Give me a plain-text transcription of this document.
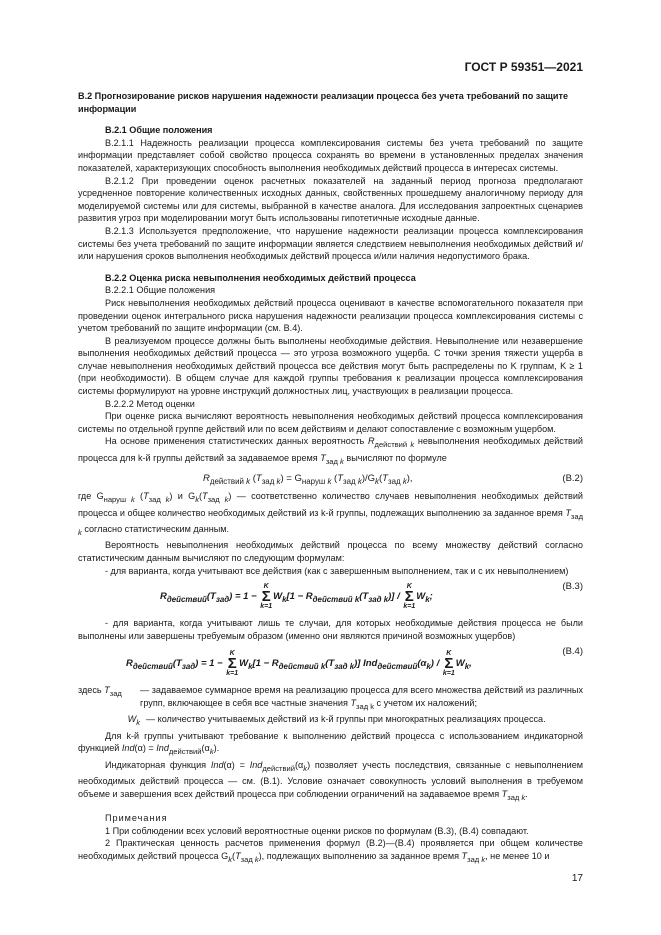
ГОСТ Р 59351—2021

В.2 Прогнозирование рисков нарушения надежности реализации процесса без учета требований по защите информации

В.2.1 Общие положения

В.2.1.1 Надежность реализации процесса комплексирования системы без учета требований по защите информации представляет собой свойство процесса сохранять во времени в установленных пределах значения показателей, характеризующих способность выполнения необходимых действий процесса в интересах системы.

В.2.1.2 При проведении оценок расчетных показателей на заданный период прогноза предполагают усредненное повторение количественных исходных данных, свойственных прошедшему аналогичному периоду для моделируемой системы или для системы, выбранной в качестве аналога. Для исследования запроектных сценариев развития угроз при моделировании могут быть использованы гипотетичные исходные данные.

В.2.1.3 Используется предположение, что нарушение надежности реализации процесса комплексирования системы без учета требований по защите информации является следствием невыполнения необходимых действий и/или нарушения сроков выполнения необходимых действий процесса и/или наличия недопустимого брака.

В.2.2 Оценка риска невыполнения необходимых действий процесса

В.2.2.1 Общие положения

Риск невыполнения необходимых действий процесса оценивают в качестве вспомогательного показателя при проведении оценок интегрального риска нарушения надежности реализации процесса комплексирования системы с учетом требований по защите информации (см. В.4).

В реализуемом процессе должны быть выполнены необходимые действия. Невыполнение или незавершение выполнения необходимых действий процесса — это угроза возможного ущерба. С точки зрения тяжести ущерба в случае невыполнения необходимых действий процесса все действия могут быть распределены по K группам, K ≥ 1 (при необходимости). В общем случае для каждой группы требования к реализации процесса комплексирования системы формулируют на уровне инструкций должностных лиц, участвующих в реализации процесса.

В.2.2.2 Метод оценки

При оценке риска вычисляют вероятность невыполнения необходимых действий процесса комплексирования системы по отдельной группе действий или по всем действиям и делают сопоставление с возможным ущербом.

На основе применения статистических данных вероятность $R_{действий k}$ невыполнения необходимых действий процесса для k-й группы действий за задаваемое время $T_{зад k}$ вычисляют по формуле

$R_{действий k}$ $(T_{зад k}) = G_{наруш k}$ $(T_{зад k})/G_k(T_{зад k})$,	(В.2)

где $G_{наруш k}$ $(T_{зад k})$ и $G_k(T_{зад k})$ — соответственно количество случаев невыполнения необходимых действий процесса и общее количество необходимых действий из k-й группы, подлежащих выполнению за заданное время $T_{зад k}$ согласно статистическим данным.

Вероятность невыполнения необходимых действий процесса по всему множеству действий согласно статистическим данным вычисляют по следующим формулам:

- для варианта, когда учитывают все действия (как с завершенным выполнением, так и с их невыполнением)

$R_{действий}(T_{зад}) = 1 - K$
Σ
$k=1W_k[1 - R_{действий k}(T_{зад k})] / K$
Σ
$k=1W_k$;
(В.3)

- для варианта, когда учитывают лишь те случаи, для которых необходимые действия процесса не были выполнены или завершены требуемым образом (именно они являются причиной возможных ущербов)

$R_{действий}(T_{зад}) = 1 - K$
Σ
$k=1W_k[1 - R_{действий k}(T_{зад k})]$ $Ind_{действий}(\alpha_k)$ / K
Σ
$k=1W_k$,
(В.4)
здесь $T_{зад}$	— задаваемое суммарное время на реализацию процесса для всего множества действий из различных групп, включающее в себя все частные значения $T_{зад k}$ с учетом их наложений;
$W_k$ — количество учитываемых действий из k-й группы при многократных реализациях процесса.

Для k-й группы учитывают требование к выполнению действий процесса с использованием индикаторной функцией $Ind(\alpha) = Ind_{действий}(\alpha_k)$.

Индикаторная функция $Ind(\alpha) = Ind_{действий}(\alpha_k)$ позволяет учесть последствия, связанные с невыполнением необходимых действий процесса — см. (В.1). Условие означает совокупность условий выполнения в требуемом объеме и завершения всех действий процесса при соблюдении ограничений на задаваемое время $T_{зад k}$.

Примечания

1 При соблюдении всех условий вероятностные оценки рисков по формулам (В.3), (В.4) совпадают.

2 Практическая ценность расчетов применения формул (В.2)—(В.4) проявляется при общем количестве необходимых действий процесса $G_k(T_{зад k})$, подлежащих выполнению за заданное время $T_{зад k}$, не менее 10 и

17
